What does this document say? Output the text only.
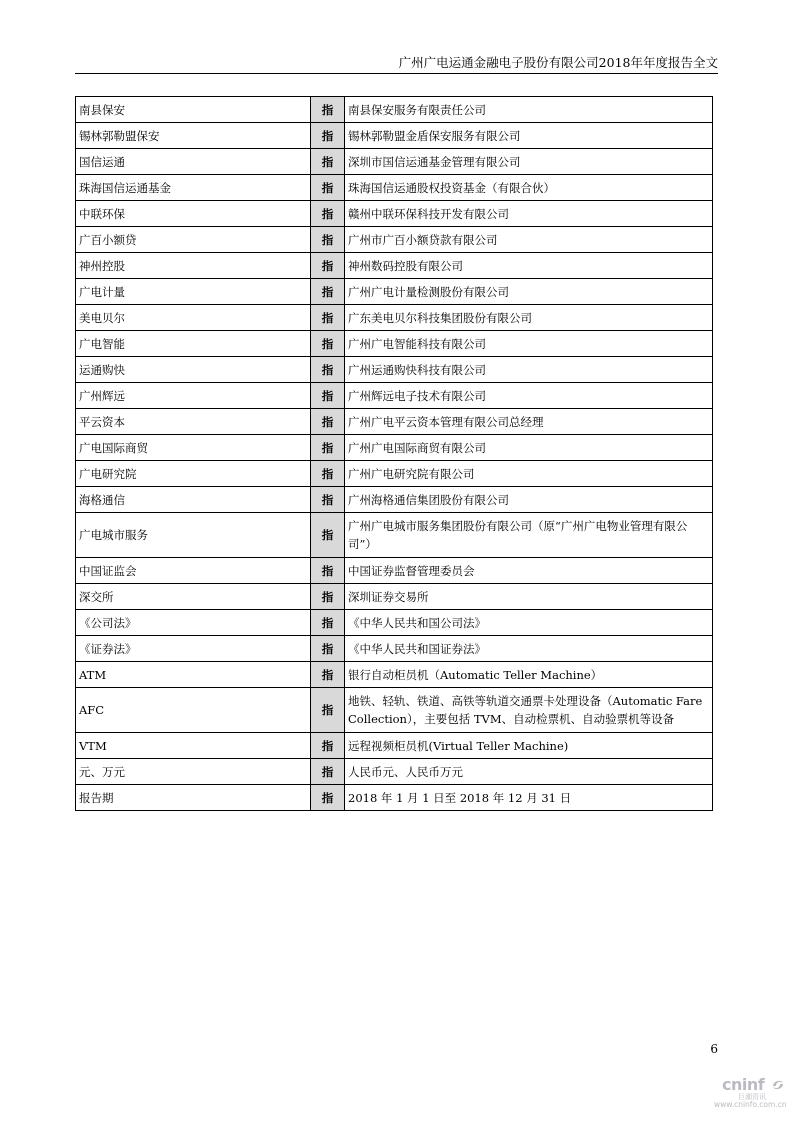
广州广电运通金融电子股份有限公司2018年年度报告全文
南县保安	指	南县保安服务有限责任公司
锡林郭勒盟保安	指	锡林郭勒盟金盾保安服务有限公司
国信运通	指	深圳市国信运通基金管理有限公司
珠海国信运通基金	指	珠海国信运通股权投资基金（有限合伙）
中联环保	指	赣州中联环保科技开发有限公司
广百小额贷	指	广州市广百小额贷款有限公司
神州控股	指	神州数码控股有限公司
广电计量	指	广州广电计量检测股份有限公司
美电贝尔	指	广东美电贝尔科技集团股份有限公司
广电智能	指	广州广电智能科技有限公司
运通购快	指	广州运通购快科技有限公司
广州辉远	指	广州辉远电子技术有限公司
平云资本	指	广州广电平云资本管理有限公司总经理
广电国际商贸	指	广州广电国际商贸有限公司
广电研究院	指	广州广电研究院有限公司
海格通信	指	广州海格通信集团股份有限公司
广电城市服务	指	广州广电城市服务集团股份有限公司（原“广州广电物业管理有限公司”）
中国证监会	指	中国证券监督管理委员会
深交所	指	深圳证券交易所
《公司法》	指	《中华人民共和国公司法》
《证券法》	指	《中华人民共和国证券法》
ATM	指	银行自动柜员机（Automatic Teller Machine）
AFC	指	地铁、轻轨、铁道、高铁等轨道交通票卡处理设备（Automatic Fare Collection），主要包括 TVM、自动检票机、自动验票机等设备
VTM	指	远程视频柜员机(Virtual Teller Machine)
元、万元	指	人民币元、人民币万元
报告期	指	2018 年 1 月 1 日至 2018 年 12 月 31 日
6
cninf
巨潮资讯
www.cninfo.com.cn
